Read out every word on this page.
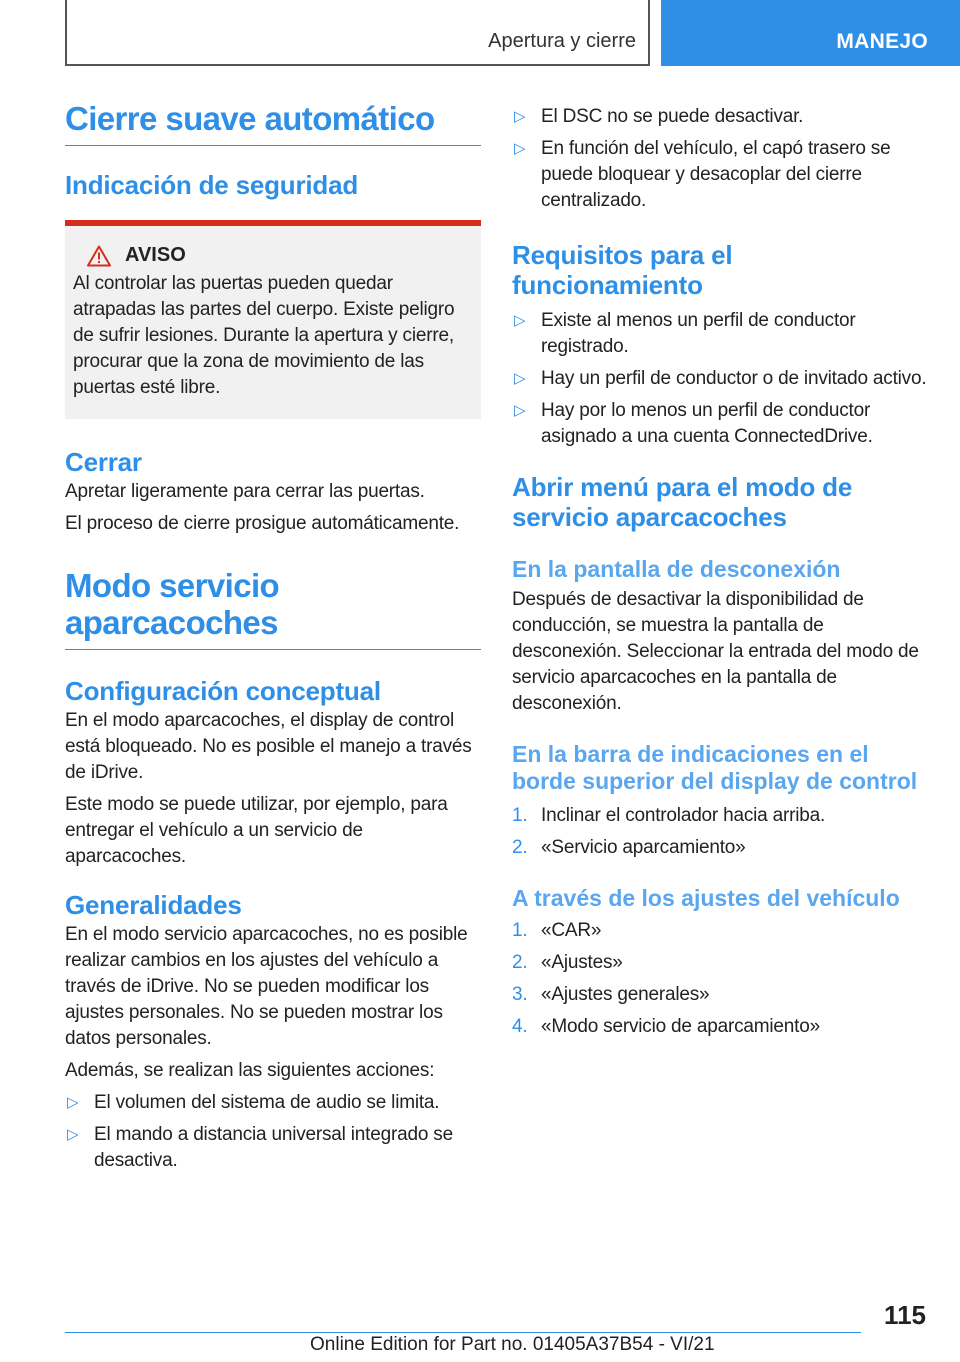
Apertura y cierre	MANEJO
Cierre suave automático
Indicación de seguridad
AVISO
Al controlar las puertas pueden quedar atrapadas las partes del cuerpo. Existe peligro de sufrir lesiones. Durante la apertura y cierre, procurar que la zona de movimiento de las puertas esté libre.
Cerrar
Apretar ligeramente para cerrar las puertas.
El proceso de cierre prosigue automáticamente.
Modo servicio aparcacoches
Configuración conceptual
En el modo aparcacoches, el display de control está bloqueado. No es posible el manejo a través de iDrive.
Este modo se puede utilizar, por ejemplo, para entregar el vehículo a un servicio de aparcacoches.
Generalidades
En el modo servicio aparcacoches, no es posible realizar cambios en los ajustes del vehículo a través de iDrive. No se pueden modificar los ajustes personales. No se pueden mostrar los datos personales.
Además, se realizan las siguientes acciones:
▷ El volumen del sistema de audio se limita.
▷ El mando a distancia universal integrado se desactiva.
▷ El DSC no se puede desactivar.
▷ En función del vehículo, el capó trasero se puede bloquear y desacoplar del cierre centralizado.
Requisitos para el funcionamiento
▷ Existe al menos un perfil de conductor registrado.
▷ Hay un perfil de conductor o de invitado activo.
▷ Hay por lo menos un perfil de conductor asignado a una cuenta ConnectedDrive.
Abrir menú para el modo de servicio aparcacoches
En la pantalla de desconexión
Después de desactivar la disponibilidad de conducción, se muestra la pantalla de desconexión. Seleccionar la entrada del modo de servicio aparcacoches en la pantalla de desconexión.
En la barra de indicaciones en el borde superior del display de control
1. Inclinar el controlador hacia arriba.
2. «Servicio aparcamiento»
A través de los ajustes del vehículo
1. «CAR»
2. «Ajustes»
3. «Ajustes generales»
4. «Modo servicio de aparcamiento»
115
Online Edition for Part no. 01405A37B54 - VI/21
